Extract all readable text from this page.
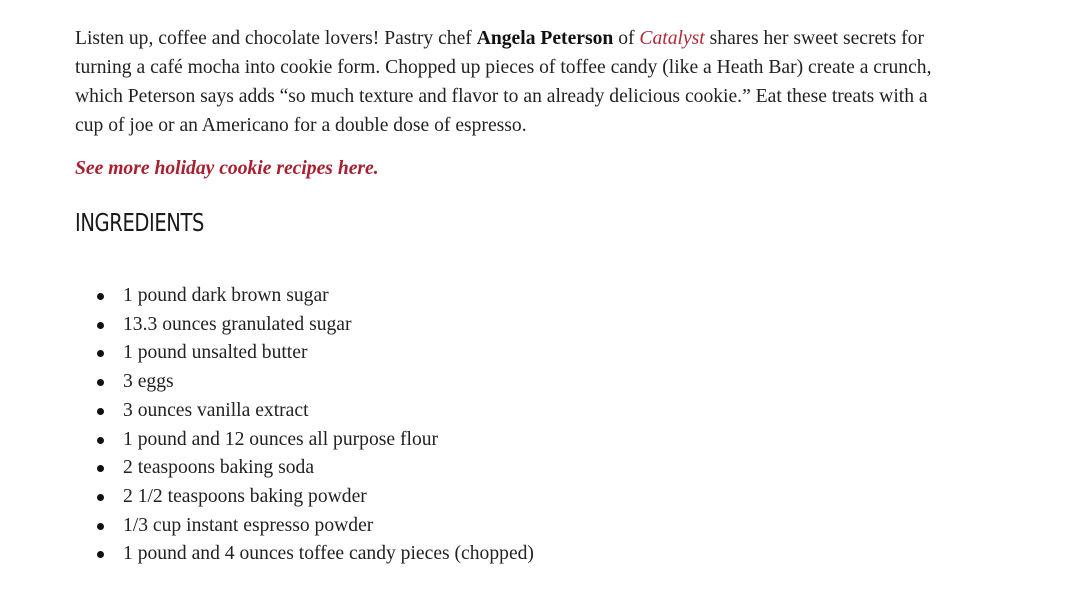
Listen up, coffee and chocolate lovers! Pastry chef Angela Peterson of Catalyst shares her sweet secrets for turning a café mocha into cookie form. Chopped up pieces of toffee candy (like a Heath Bar) create a crunch, which Peterson says adds “so much texture and flavor to an already delicious cookie.” Eat these treats with a cup of joe or an Americano for a double dose of espresso.

See more holiday cookie recipes here.
INGREDIENTS
1 pound dark brown sugar
13.3 ounces granulated sugar
1 pound unsalted butter
3 eggs
3 ounces vanilla extract
1 pound and 12 ounces all purpose flour
2 teaspoons baking soda
2 1/2 teaspoons baking powder
1/3 cup instant espresso powder
1 pound and 4 ounces toffee candy pieces (chopped)
